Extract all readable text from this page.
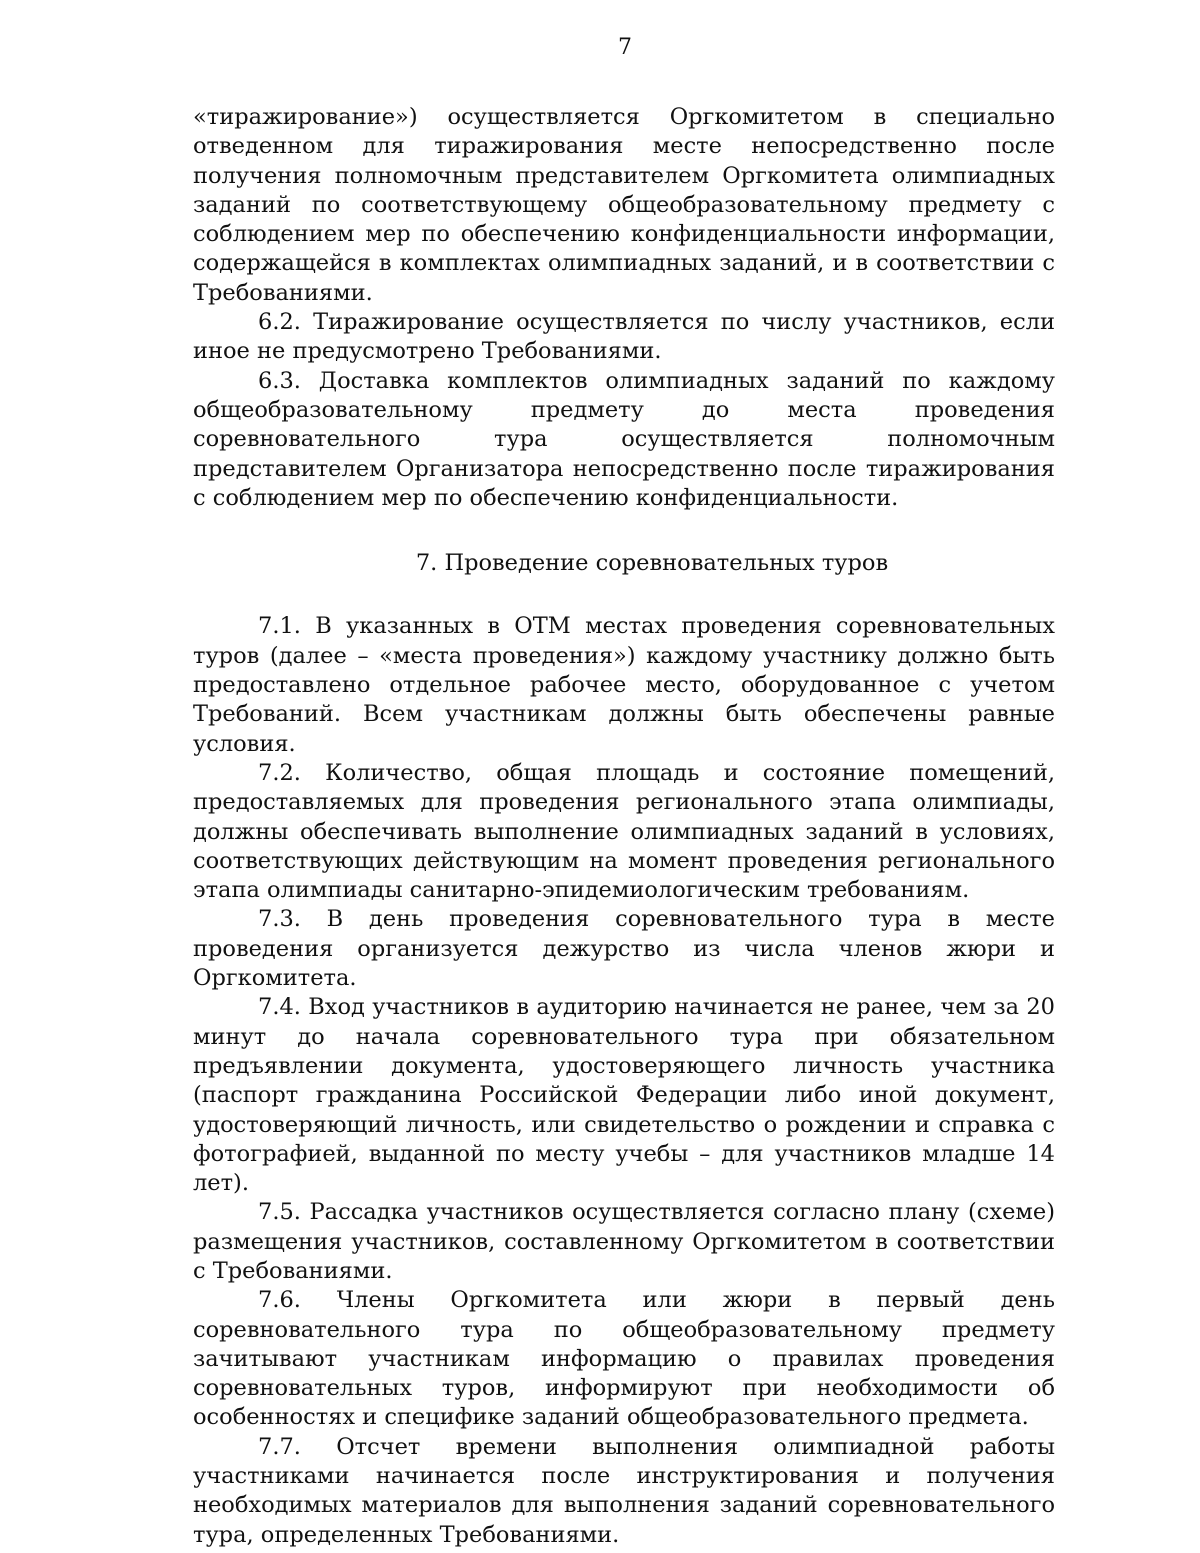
7

«тиражирование») осуществляется Оргкомитетом в специально отведенном для тиражирования месте непосредственно после получения полномочным представителем Оргкомитета олимпиадных заданий по соответствующему общеобразовательному предмету с соблюдением мер по обеспечению конфиденциальности информации, содержащейся в комплектах олимпиадных заданий, и в соответствии с Требованиями.

6.2. Тиражирование осуществляется по числу участников, если иное не предусмотрено Требованиями.

6.3. Доставка комплектов олимпиадных заданий по каждому общеобразовательному предмету до места проведения соревновательного тура осуществляется полномочным представителем Организатора непосредственно после тиражирования с соблюдением мер по обеспечению конфиденциальности.

7. Проведение соревновательных туров

7.1. В указанных в ОТМ местах проведения соревновательных туров (далее – «места проведения») каждому участнику должно быть предоставлено отдельное рабочее место, оборудованное с учетом Требований. Всем участникам должны быть обеспечены равные условия.

7.2. Количество, общая площадь и состояние помещений, предоставляемых для проведения регионального этапа олимпиады, должны обеспечивать выполнение олимпиадных заданий в условиях, соответствующих действующим на момент проведения регионального этапа олимпиады санитарно-эпидемиологическим требованиям.

7.3. В день проведения соревновательного тура в месте проведения организуется дежурство из числа членов жюри и Оргкомитета.

7.4. Вход участников в аудиторию начинается не ранее, чем за 20 минут до начала соревновательного тура при обязательном предъявлении документа, удостоверяющего личность участника (паспорт гражданина Российской Федерации либо иной документ, удостоверяющий личность, или свидетельство о рождении и справка с фотографией, выданной по месту учебы – для участников младше 14 лет).

7.5. Рассадка участников осуществляется согласно плану (схеме) размещения участников, составленному Оргкомитетом в соответствии с Требованиями.

7.6. Члены Оргкомитета или жюри в первый день соревновательного тура по общеобразовательному предмету зачитывают участникам информацию о правилах проведения соревновательных туров, информируют при необходимости об особенностях и специфике заданий общеобразовательного предмета.

7.7. Отсчет времени выполнения олимпиадной работы участниками начинается после инструктирования и получения необходимых материалов для выполнения заданий соревновательного тура, определенных Требованиями.
